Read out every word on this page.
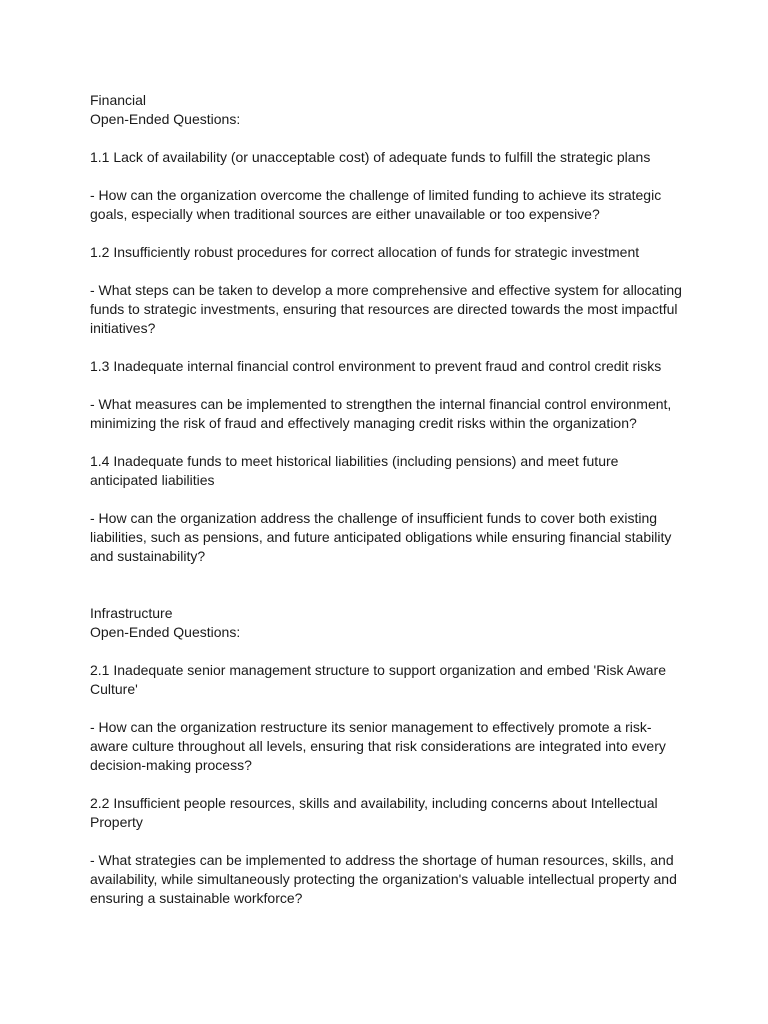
Financial
Open-Ended Questions:

1.1 Lack of availability (or unacceptable cost) of adequate funds to fulfill the strategic plans

- How can the organization overcome the challenge of limited funding to achieve its strategic goals, especially when traditional sources are either unavailable or too expensive?

1.2 Insufficiently robust procedures for correct allocation of funds for strategic investment

- What steps can be taken to develop a more comprehensive and effective system for allocating funds to strategic investments, ensuring that resources are directed towards the most impactful initiatives?

1.3 Inadequate internal financial control environment to prevent fraud and control credit risks

- What measures can be implemented to strengthen the internal financial control environment, minimizing the risk of fraud and effectively managing credit risks within the organization?

1.4 Inadequate funds to meet historical liabilities (including pensions) and meet future anticipated liabilities

- How can the organization address the challenge of insufficient funds to cover both existing liabilities, such as pensions, and future anticipated obligations while ensuring financial stability and sustainability?

Infrastructure
Open-Ended Questions:

2.1 Inadequate senior management structure to support organization and embed 'Risk Aware Culture'

- How can the organization restructure its senior management to effectively promote a risk-aware culture throughout all levels, ensuring that risk considerations are integrated into every decision-making process?

2.2 Insufficient people resources, skills and availability, including concerns about Intellectual Property

- What strategies can be implemented to address the shortage of human resources, skills, and availability, while simultaneously protecting the organization's valuable intellectual property and ensuring a sustainable workforce?
